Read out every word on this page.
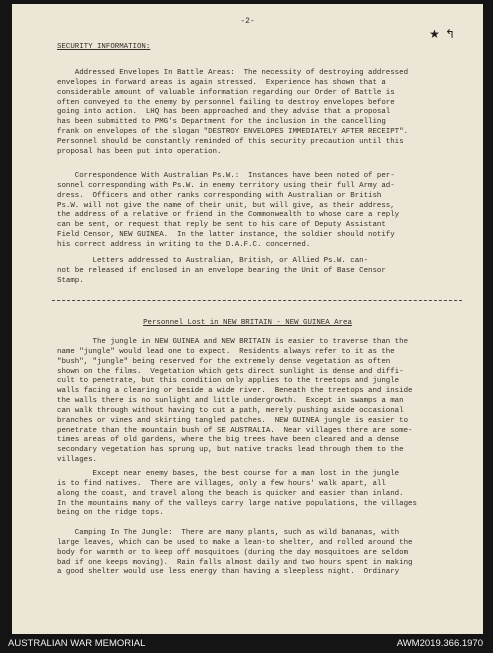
-2-

★ ↰

SECURITY INFORMATION:

Addressed Envelopes In Battle Areas:  The necessity of destroying addressed
envelopes in forward areas is again stressed.  Experience has shown that a
considerable amount of valuable information regarding our Order of Battle is
often conveyed to the enemy by personnel failing to destroy envelopes before
going into action.  LHQ has been approached and they advise that a proposal
has been submitted to PMG's Department for the inclusion in the cancelling
frank on envelopes of the slogan "DESTROY ENVELOPES IMMEDIATELY AFTER RECEIPT".
Personnel should be constantly reminded of this security precaution until this
proposal has been put into operation.

Correspondence With Australian Ps.W.:  Instances have been noted of per-
sonnel corresponding with Ps.W. in enemy territory using their full Army ad-
dress.  Officers and other ranks corresponding with Australian or British
Ps.W. will not give the name of their unit, but will give, as their address,
the address of a relative or friend in the Commonwealth to whose care a reply
can be sent, or request that reply be sent to his care of Deputy Assistant
Field Censor, NEW GUINEA.  In the latter instance, the soldier should notify
his correct address in writing to the D.A.F.C. concerned.

Letters addressed to Australian, British, or Allied Ps.W. can-
not be released if enclosed in an envelope bearing the Unit of Base Censor
Stamp.

Personnel Lost in NEW BRITAIN - NEW GUINEA Area

The jungle in NEW GUINEA and NEW BRITAIN is easier to traverse than the
name "jungle" would lead one to expect.  Residents always refer to it as the
"bush", "jungle" being reserved for the extremely dense vegetation as often
shown on the films.  Vegetation which gets direct sunlight is dense and diffi-
cult to penetrate, but this condition only applies to the treetops and jungle
walls facing a clearing or beside a wide river.  Beneath the treetops and inside
the walls there is no sunlight and little undergrowth.  Except in swamps a man
can walk through without having to cut a path, merely pushing aside occasional
branches or vines and skirting tangled patches.  NEW GUINEA jungle is easier to
penetrate than the mountain bush of SE AUSTRALIA.  Near villages there are some-
times areas of old gardens, where the big trees have been cleared and a dense
secondary vegetation has sprung up, but native tracks lead through them to the
villages.

Except near enemy bases, the best course for a man lost in the jungle
is to find natives.  There are villages, only a few hours' walk apart, all
along the coast, and travel along the beach is quicker and easier than inland.
In the mountains many of the valleys carry large native populations, the villages
being on the ridge tops.

Camping In The Jungle:  There are many plants, such as wild bananas, with
large leaves, which can be used to make a lean-to shelter, and rolled around the
body for warmth or to keep off mosquitoes (during the day mosquitoes are seldom
bad if one keeps moving).  Rain falls almost daily and two hours spent in making
a good shelter would use less energy than having a sleepless night.  Ordinary

AUSTRALIAN WAR MEMORIAL	AWM2019.366.1970
